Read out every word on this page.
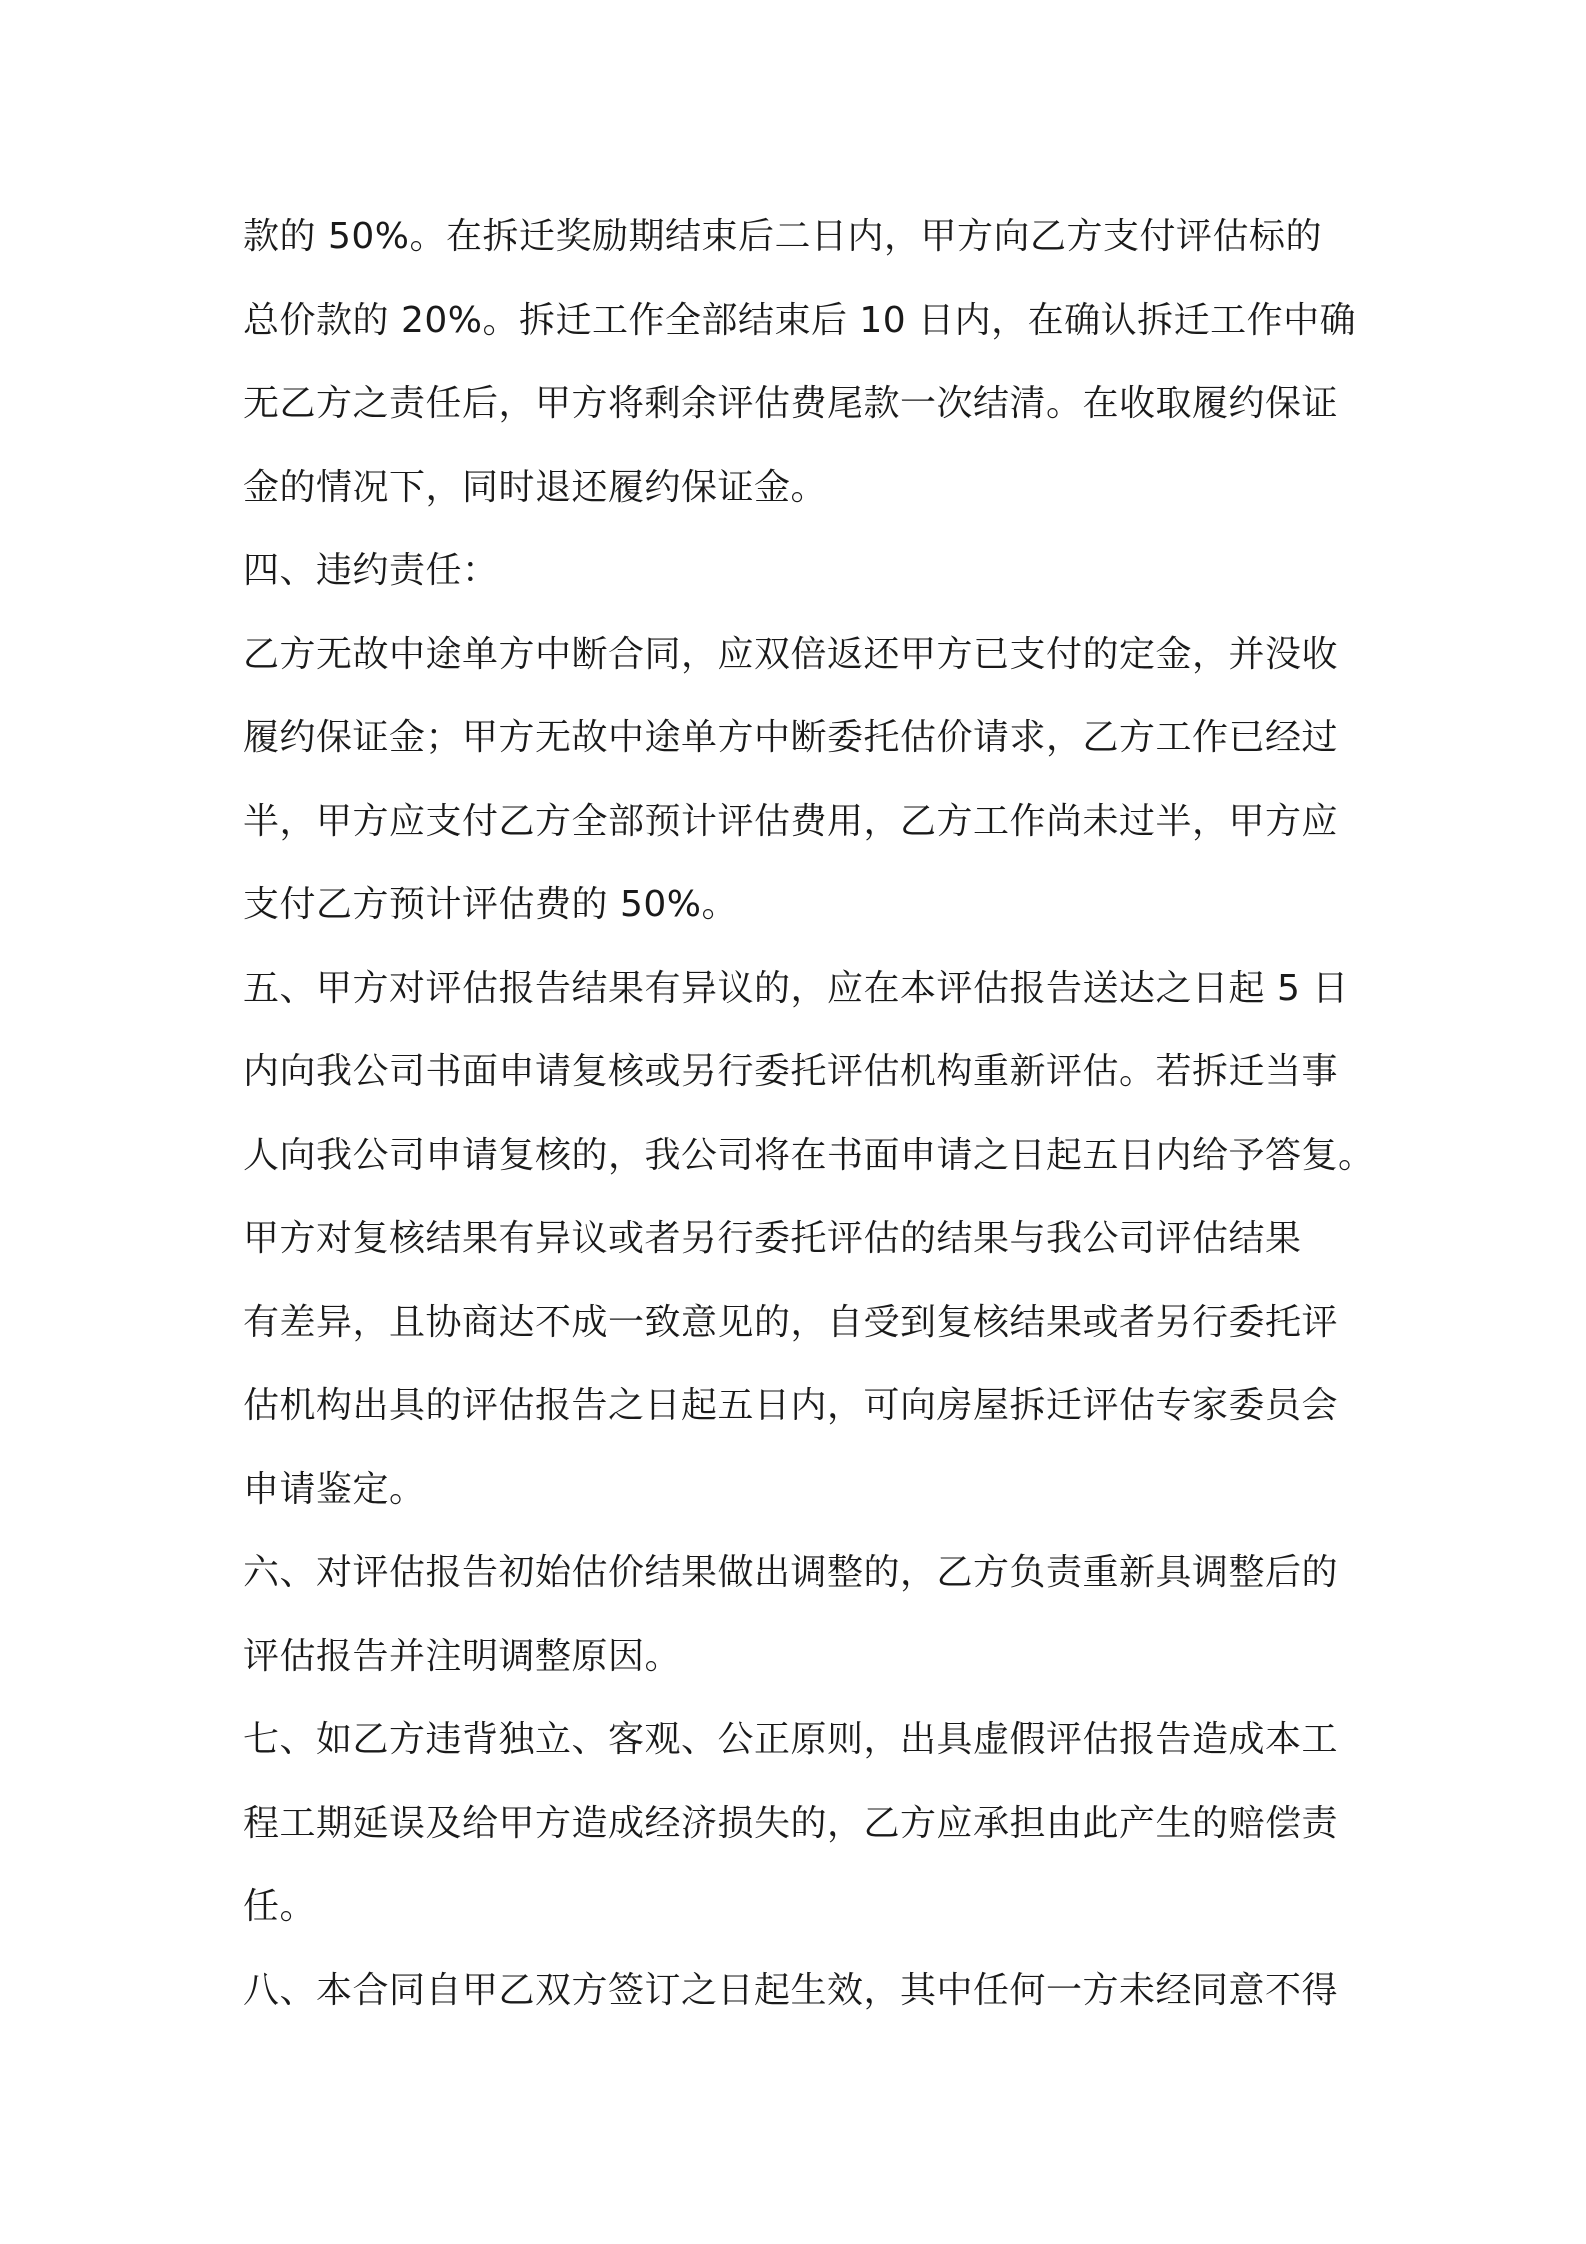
款的 50%。在拆迁奖励期结束后二日内，甲方向乙方支付评估标的
总价款的 20%。拆迁工作全部结束后 10 日内，在确认拆迁工作中确
无乙方之责任后，甲方将剩余评估费尾款一次结清。在收取履约保证
金的情况下，同时退还履约保证金。
四、违约责任：
乙方无故中途单方中断合同，应双倍返还甲方已支付的定金，并没收
履约保证金；甲方无故中途单方中断委托估价请求，乙方工作已经过
半，甲方应支付乙方全部预计评估费用，乙方工作尚未过半，甲方应
支付乙方预计评估费的 50%。
五、甲方对评估报告结果有异议的，应在本评估报告送达之日起 5 日
内向我公司书面申请复核或另行委托评估机构重新评估。若拆迁当事
人向我公司申请复核的，我公司将在书面申请之日起五日内给予答复。
甲方对复核结果有异议或者另行委托评估的结果与我公司评估结果
有差异，且协商达不成一致意见的，自受到复核结果或者另行委托评
估机构出具的评估报告之日起五日内，可向房屋拆迁评估专家委员会
申请鉴定。
六、对评估报告初始估价结果做出调整的，乙方负责重新具调整后的
评估报告并注明调整原因。
七、如乙方违背独立、客观、公正原则，出具虚假评估报告造成本工
程工期延误及给甲方造成经济损失的，乙方应承担由此产生的赔偿责
任。
八、本合同自甲乙双方签订之日起生效，其中任何一方未经同意不得
